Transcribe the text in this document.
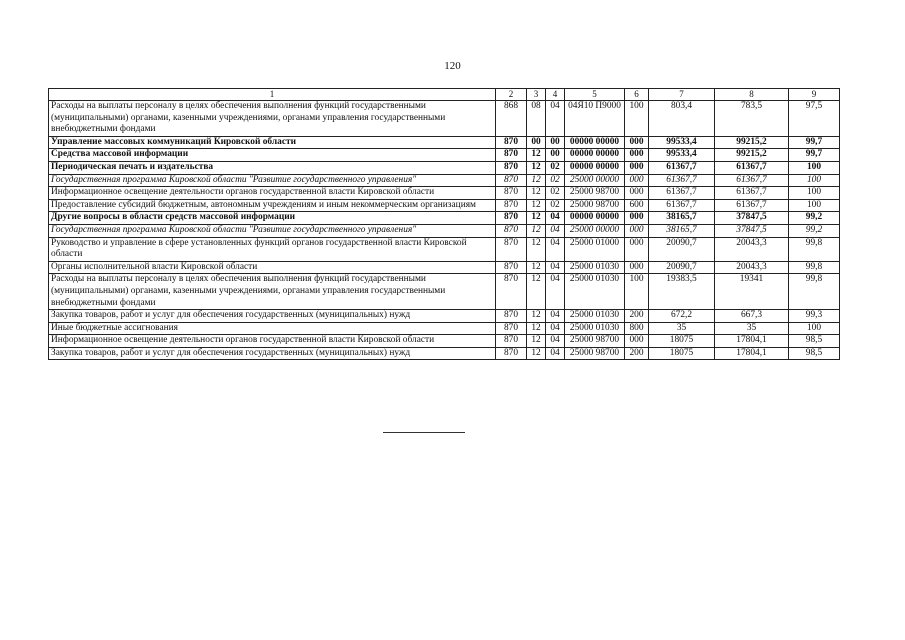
120
1	2	3	4	5	6	7	8	9
Расходы на выплаты персоналу в целях обеспечения выполнения функций государственными (муниципальными) органами, казенными учреждениями, органами управления государственными внебюджетными фондами	868	08	04	04Я10 П9000	100	803,4	783,5	97,5
Управление массовых коммуникаций Кировской области	870	00	00	00000 00000	000	99533,4	99215,2	99,7
Средства массовой информации	870	12	00	00000 00000	000	99533,4	99215,2	99,7
Периодическая печать и издательства	870	12	02	00000 00000	000	61367,7	61367,7	100
Государственная программа Кировской области "Развитие государственного управления"	870	12	02	25000 00000	000	61367,7	61367,7	100
Информационное освещение деятельности органов государственной власти Кировской области	870	12	02	25000 98700	000	61367,7	61367,7	100
Предоставление субсидий бюджетным, автономным учреждениям и иным некоммерческим организациям	870	12	02	25000 98700	600	61367,7	61367,7	100
Другие вопросы в области средств массовой информации	870	12	04	00000 00000	000	38165,7	37847,5	99,2
Государственная программа Кировской области "Развитие государственного управления"	870	12	04	25000 00000	000	38165,7	37847,5	99,2
Руководство и управление в сфере установленных функций органов государственной власти Кировской области	870	12	04	25000 01000	000	20090,7	20043,3	99,8
Органы исполнительной власти Кировской области	870	12	04	25000 01030	000	20090,7	20043,3	99,8
Расходы на выплаты персоналу в целях обеспечения выполнения функций государственными (муниципальными) органами, казенными учреждениями, органами управления государственными внебюджетными фондами	870	12	04	25000 01030	100	19383,5	19341	99,8
Закупка товаров, работ и услуг для обеспечения государственных (муниципальных) нужд	870	12	04	25000 01030	200	672,2	667,3	99,3
Иные бюджетные ассигнования	870	12	04	25000 01030	800	35	35	100
Информационное освещение деятельности органов государственной власти Кировской области	870	12	04	25000 98700	000	18075	17804,1	98,5
Закупка товаров, работ и услуг для обеспечения государственных (муниципальных) нужд	870	12	04	25000 98700	200	18075	17804,1	98,5
